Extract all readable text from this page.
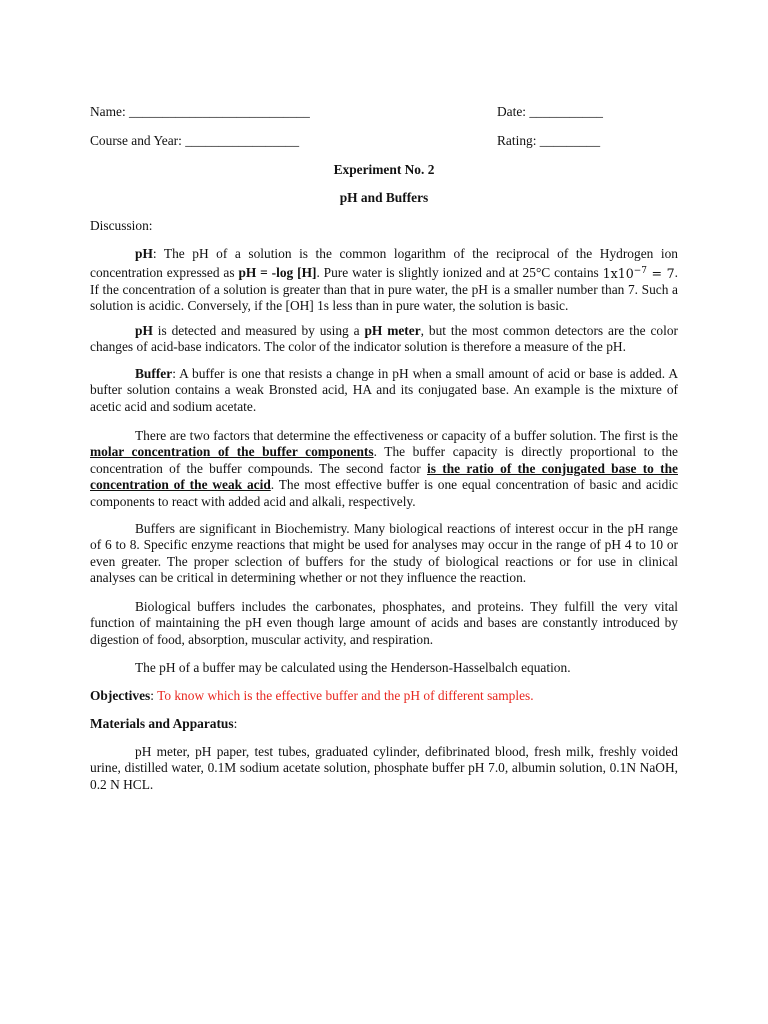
Name: ___________________________	Date: ___________
Course and Year: _________________	Rating: _________
Experiment No. 2
pH and Buffers
Discussion:
pH: The pH of a solution is the common logarithm of the reciprocal of the Hydrogen ion concentration expressed as pH = -log [H]. Pure water is slightly ionized and at 25°C contains $1x10^{-7} = 7$. If the concentration of a solution is greater than that in pure water, the pH is a smaller number than 7. Such a solution is acidic. Conversely, if the [OH] 1s less than in pure water, the solution is basic.
pH is detected and measured by using a pH meter, but the most common detectors are the color changes of acid-base indicators. The color of the indicator solution is therefore a measure of the pH.
Buffer: A buffer is one that resists a change in pH when a small amount of acid or base is added. A bufter solution contains a weak Bronsted acid, HA and its conjugated base. An example is the mixture of acetic acid and sodium acetate.
There are two factors that determine the effectiveness or capacity of a buffer solution. The first is the molar concentration of the buffer components. The buffer capacity is directly proportional to the concentration of the buffer compounds. The second factor is the ratio of the conjugated base to the concentration of the weak acid. The most effective buffer is one equal concentration of basic and acidic components to react with added acid and alkali, respectively.
Buffers are significant in Biochemistry. Many biological reactions of interest occur in the pH range of 6 to 8. Specific enzyme reactions that might be used for analyses may occur in the range of pH 4 to 10 or even greater. The proper sclection of buffers for the study of biological reactions or for use in clinical analyses can be critical in determining whether or not they influence the reaction.
Biological buffers includes the carbonates, phosphates, and proteins. They fulfill the very vital function of maintaining the pH even though large amount of acids and bases are constantly introduced by digestion of food, absorption, muscular activity, and respiration.
The pH of a buffer may be calculated using the Henderson-Hasselbalch equation.
Objectives: To know which is the effective buffer and the pH of different samples.
Materials and Apparatus:
pH meter, pH paper, test tubes, graduated cylinder, defibrinated blood, fresh milk, freshly voided urine, distilled water, 0.1M sodium acetate solution, phosphate buffer pH 7.0, albumin solution, 0.1N NaOH, 0.2 N HCL.
